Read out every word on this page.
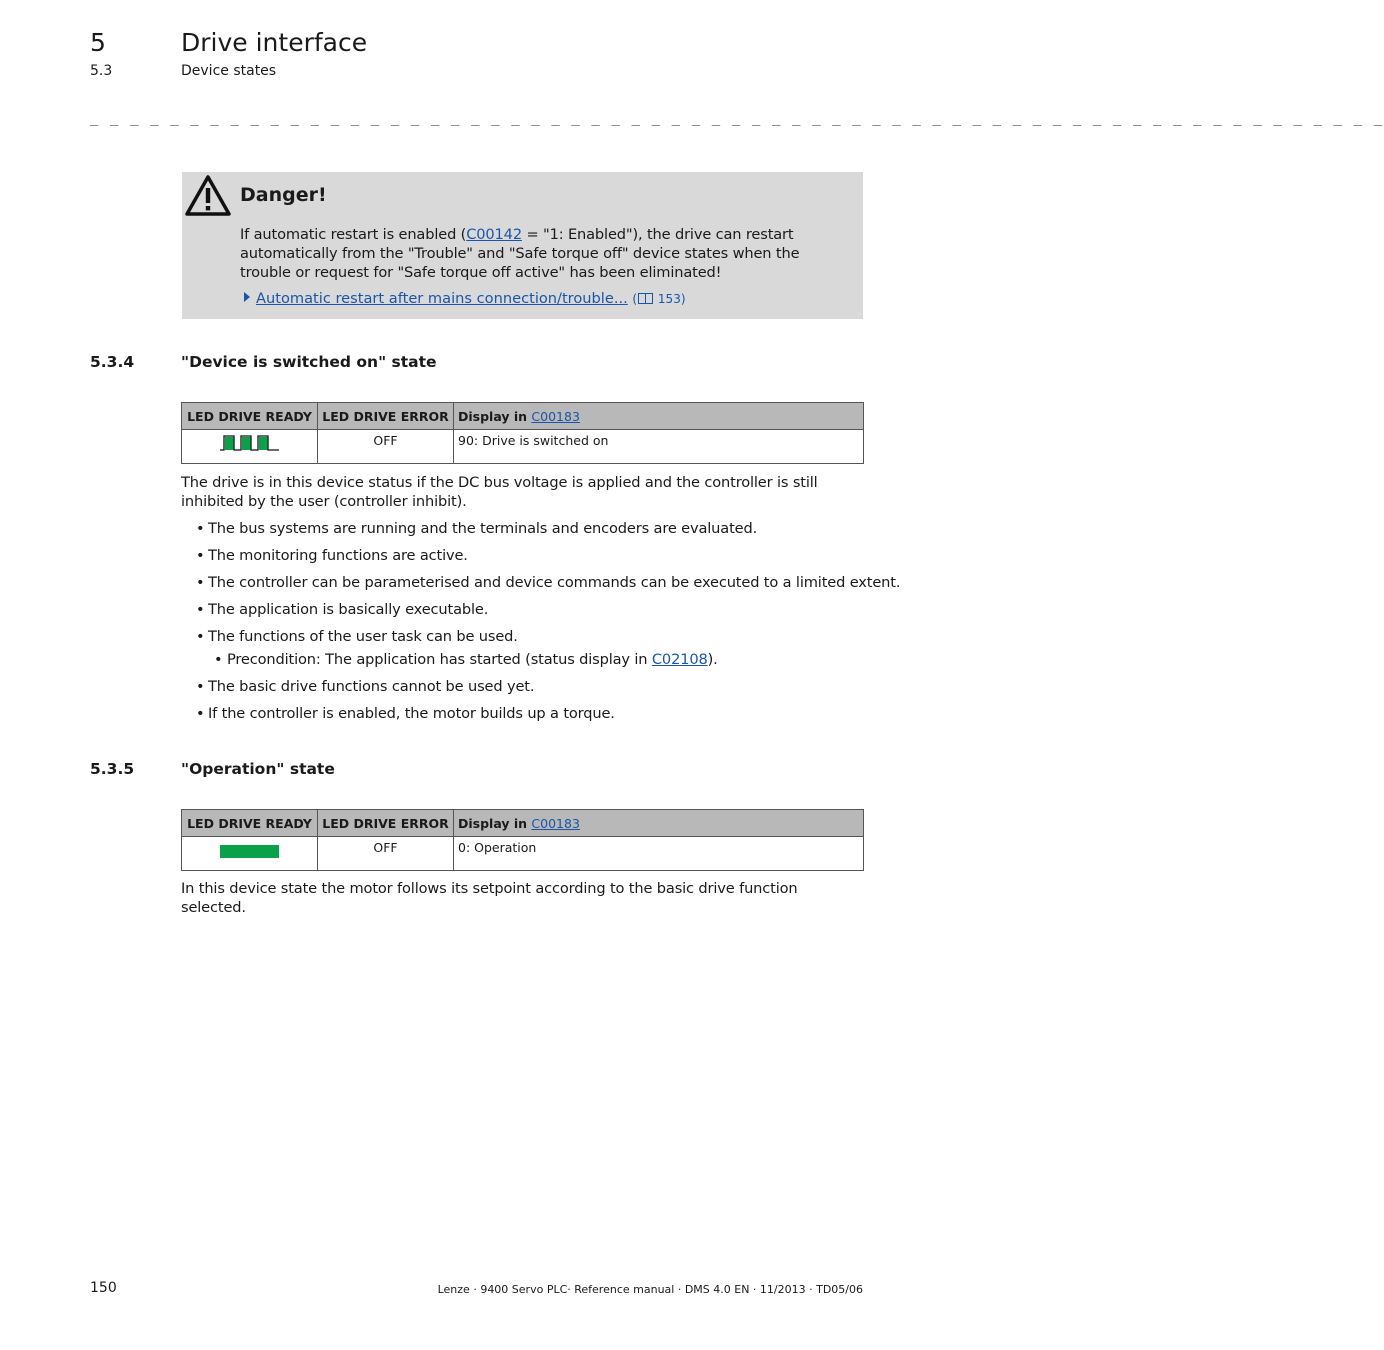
5	Drive interface
5.3	Device states
_ _ _ _ _ _ _ _ _ _ _ _ _ _ _ _ _ _ _ _ _ _ _ _ _ _ _ _ _ _ _ _ _ _ _ _ _ _ _ _ _ _ _ _ _ _ _ _ _ _ _ _ _ _ _ _ _ _ _ _ _ _ _ _ _
Danger!
If automatic restart is enabled (C00142 = "1: Enabled"), the drive can restart automatically from the "Trouble" and "Safe torque off" device states when the trouble or request for "Safe torque off active" has been eliminated!
Automatic restart after mains connection/trouble... ( 153)
5.3.4	"Device is switched on" state
LED DRIVE READY	LED DRIVE ERROR	Display in C00183
	OFF	90: Drive is switched on
The drive is in this device status if the DC bus voltage is applied and the controller is still inhibited by the user (controller inhibit).
• The bus systems are running and the terminals and encoders are evaluated.
• The monitoring functions are active.
• The controller can be parameterised and device commands can be executed to a limited extent.
• The application is basically executable.
• The functions of the user task can be used.
• Precondition: The application has started (status display in C02108).
• The basic drive functions cannot be used yet.
• If the controller is enabled, the motor builds up a torque.
5.3.5	"Operation" state
LED DRIVE READY	LED DRIVE ERROR	Display in C00183
	OFF	0: Operation
In this device state the motor follows its setpoint according to the basic drive function selected.
150	Lenze · 9400 Servo PLC· Reference manual · DMS 4.0 EN · 11/2013 · TD05/06
